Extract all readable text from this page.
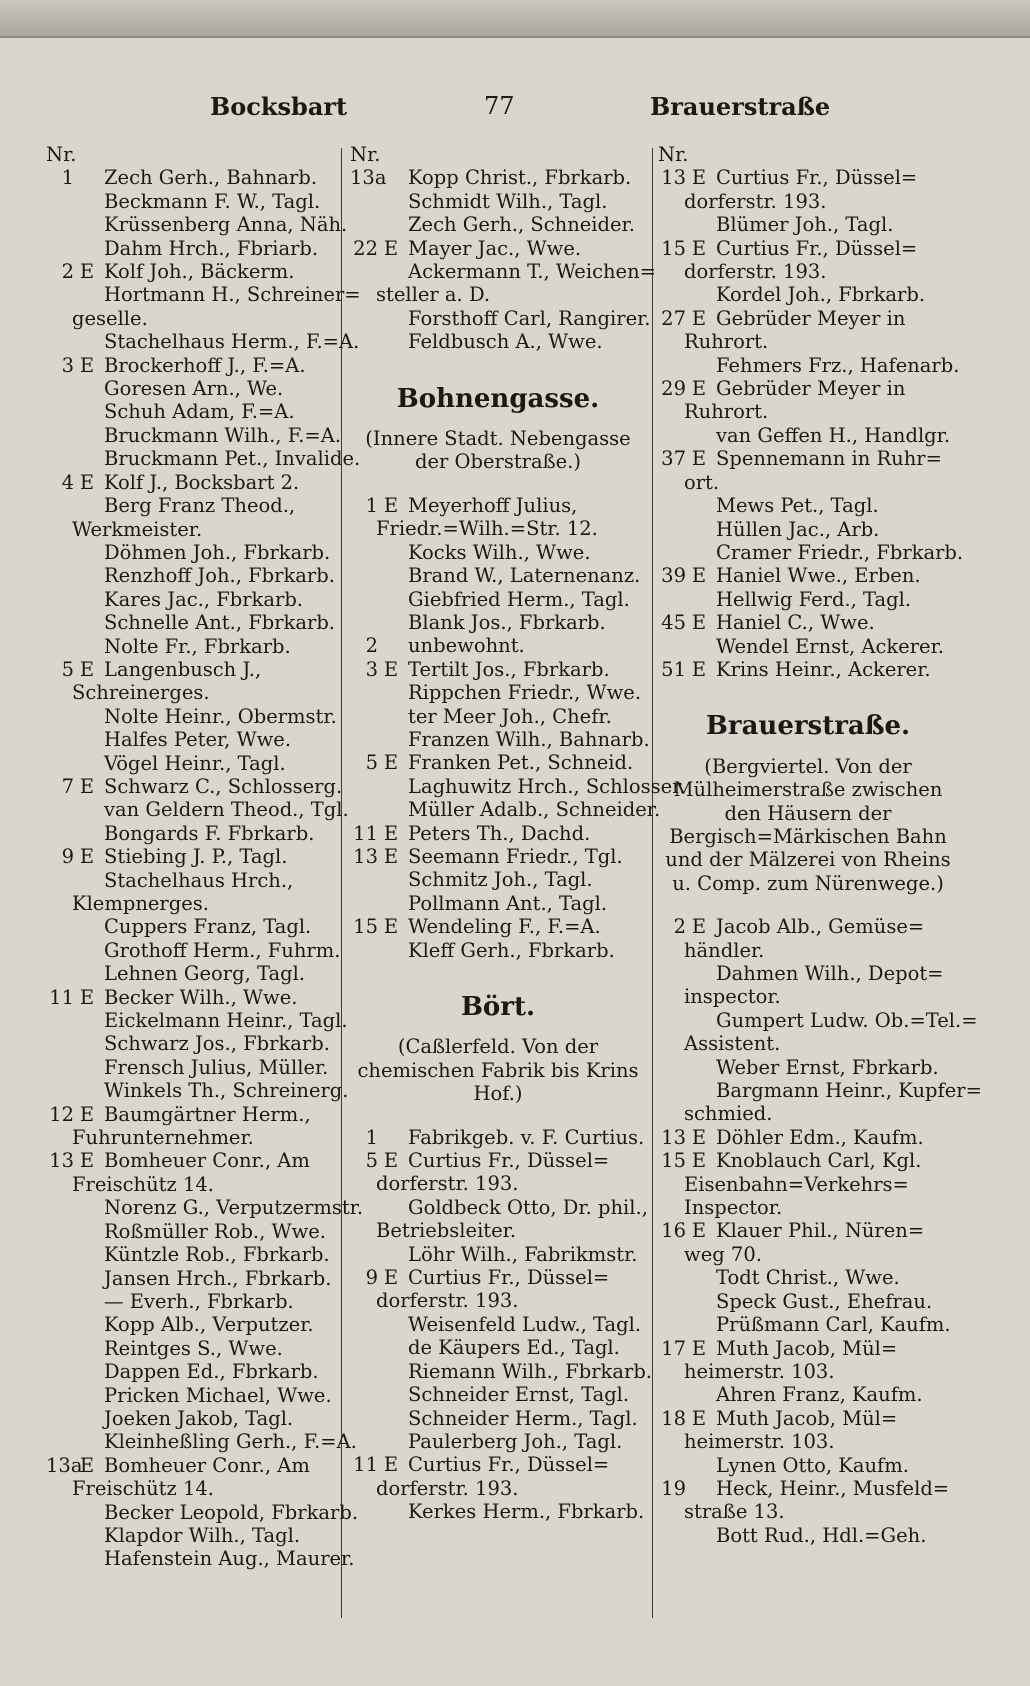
Bocksbart	77	Brauerstraße
Nr.
1 Zech Gerh., Bahnarb.
Beckmann F. W., Tagl.
Krüssenberg Anna, Näh.
Dahm Hrch., Fbriarb.
2 E Kolf Joh., Bäckerm.
Hortmann H., Schreiner=
geselle.
Stachelhaus Herm., F.=A.
3 E Brockerhoff J., F.=A.
Goresen Arn., We.
Schuh Adam, F.=A.
Bruckmann Wilh., F.=A.
Bruckmann Pet., Invalide.
4 E Kolf J., Bocksbart 2.
Berg Franz Theod.,
Werkmeister.
Döhmen Joh., Fbrkarb.
Renzhoff Joh., Fbrkarb.
Kares Jac., Fbrkarb.
Schnelle Ant., Fbrkarb.
Nolte Fr., Fbrkarb.
5 E Langenbusch J.,
Schreinerges.
Nolte Heinr., Obermstr.
Halfes Peter, Wwe.
Vögel Heinr., Tagl.
7 E Schwarz C., Schlosserg.
van Geldern Theod., Tgl.
Bongards F. Fbrkarb.
9 E Stiebing J. P., Tagl.
Stachelhaus Hrch.,
Klempnerges.
Cuppers Franz, Tagl.
Grothoff Herm., Fuhrm.
Lehnen Georg, Tagl.
11 E Becker Wilh., Wwe.
Eickelmann Heinr., Tagl.
Schwarz Jos., Fbrkarb.
Frensch Julius, Müller.
Winkels Th., Schreinerg.
12 E Baumgärtner Herm.,
Fuhrunternehmer.
13 E Bomheuer Conr., Am
Freischütz 14.
Norenz G., Verputzermstr.
Roßmüller Rob., Wwe.
Küntzle Rob., Fbrkarb.
Jansen Hrch., Fbrkarb.
— Everh., Fbrkarb.
Kopp Alb., Verputzer.
Reintges S., Wwe.
Dappen Ed., Fbrkarb.
Pricken Michael, Wwe.
Joeken Jakob, Tagl.
Kleinheßling Gerh., F.=A.
13a
E Bomheuer Conr., Am
Freischütz 14.
Becker Leopold, Fbrkarb.
Klapdor Wilh., Tagl.
Hafenstein Aug., Maurer.
Nr.
13a Kopp Christ., Fbrkarb.
Schmidt Wilh., Tagl.
Zech Gerh., Schneider.
22 E Mayer Jac., Wwe.
Ackermann T., Weichen=
steller a. D.
Forsthoff Carl, Rangirer.
Feldbusch A., Wwe.
Bohnengasse.
(Innere Stadt. Nebengasse der Oberstraße.)
1 E Meyerhoff Julius,
Friedr.=Wilh.=Str. 12.
Kocks Wilh., Wwe.
Brand W., Laternenanz.
Giebfried Herm., Tagl.
Blank Jos., Fbrkarb.
2 unbewohnt.
3 E Tertilt Jos., Fbrkarb.
Rippchen Friedr., Wwe.
ter Meer Joh., Chefr.
Franzen Wilh., Bahnarb.
5 E Franken Pet., Schneid.
Laghuwitz Hrch., Schlosser.
Müller Adalb., Schneider.
11 E Peters Th., Dachd.
13 E Seemann Friedr., Tgl.
Schmitz Joh., Tagl.
Pollmann Ant., Tagl.
15 E Wendeling F., F.=A.
Kleff Gerh., Fbrkarb.
Bört.
(Caßlerfeld. Von der chemischen Fabrik bis Krins Hof.)
1 Fabrikgeb. v. F. Curtius.
5 E Curtius Fr., Düssel=
dorferstr. 193.
Goldbeck Otto, Dr. phil.,
Betriebsleiter.
Löhr Wilh., Fabrikmstr.
9 E Curtius Fr., Düssel=
dorferstr. 193.
Weisenfeld Ludw., Tagl.
de Käupers Ed., Tagl.
Riemann Wilh., Fbrkarb.
Schneider Ernst, Tagl.
Schneider Herm., Tagl.
Paulerberg Joh., Tagl.
11 E Curtius Fr., Düssel=
dorferstr. 193.
Kerkes Herm., Fbrkarb.
Nr.
13 E Curtius Fr., Düssel=
dorferstr. 193.
Blümer Joh., Tagl.
15 E Curtius Fr., Düssel=
dorferstr. 193.
Kordel Joh., Fbrkarb.
27 E Gebrüder Meyer in
Ruhrort.
Fehmers Frz., Hafenarb.
29 E Gebrüder Meyer in
Ruhrort.
van Geffen H., Handlgr.
37 E Spennemann in Ruhr=
ort.
Mews Pet., Tagl.
Hüllen Jac., Arb.
Cramer Friedr., Fbrkarb.
39 E Haniel Wwe., Erben.
Hellwig Ferd., Tagl.
45 E Haniel C., Wwe.
Wendel Ernst, Ackerer.
51 E Krins Heinr., Ackerer.
Brauerstraße.
(Bergviertel. Von der Mülheimerstraße zwischen den Häusern der Bergisch=Märkischen Bahn und der Mälzerei von Rheins u. Comp. zum Nürenwege.)
2 E Jacob Alb., Gemüse=
händler.
Dahmen Wilh., Depot=
inspector.
Gumpert Ludw. Ob.=Tel.=
Assistent.
Weber Ernst, Fbrkarb.
Bargmann Heinr., Kupfer=
schmied.
13 E Döhler Edm., Kaufm.
15 E Knoblauch Carl, Kgl.
Eisenbahn=Verkehrs=
Inspector.
16 E Klauer Phil., Nüren=
weg 70.
Todt Christ., Wwe.
Speck Gust., Ehefrau.
Prüßmann Carl, Kaufm.
17 E Muth Jacob, Mül=
heimerstr. 103.
Ahren Franz, Kaufm.
18 E Muth Jacob, Mül=
heimerstr. 103.
Lynen Otto, Kaufm.
19 Heck, Heinr., Musfeld=
straße 13.
Bott Rud., Hdl.=Geh.
